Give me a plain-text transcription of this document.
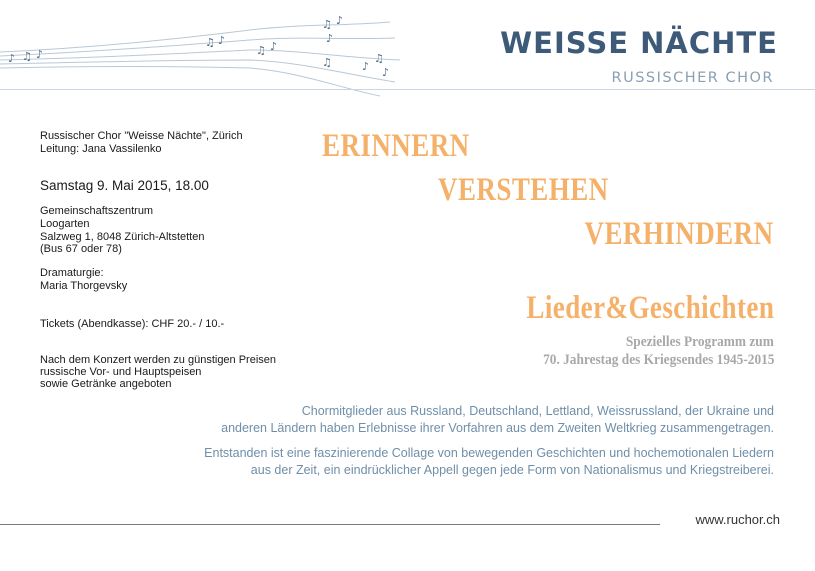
♪ ♫ ♪
♫ ♪
♫ ♪
♫ ♪
♪
♫	♪
♫
♪
WEISSE NÄCHTE
RUSSISCHER CHOR
Russischer Chor "Weisse Nächte", Zürich
Leitung: Jana Vassilenko
Samstag 9. Mai 2015, 18.00
Gemeinschaftszentrum
Loogarten
Salzweg 1, 8048 Zürich-Altstetten
(Bus 67 oder 78)
Dramaturgie:
Maria Thorgevsky
Tickets (Abendkasse): CHF 20.- / 10.-
Nach dem Konzert werden zu günstigen Preisen
russische Vor- und Hauptspeisen
sowie Getränke angeboten
ERINNERN
VERSTEHEN
VERHINDERN
Lieder&Geschichten
Spezielles Programm zum
70. Jahrestag des Kriegsendes 1945-2015
Chormitglieder aus Russland, Deutschland, Lettland, Weissrussland, der Ukraine und
anderen Ländern haben Erlebnisse ihrer Vorfahren aus dem Zweiten Weltkrieg zusammengetragen.
Entstanden ist eine faszinierende Collage von bewegenden Geschichten und hochemotionalen Liedern
aus der Zeit, ein eindrücklicher Appell gegen jede Form von Nationalismus und Kriegstreiberei.
www.ruchor.ch
